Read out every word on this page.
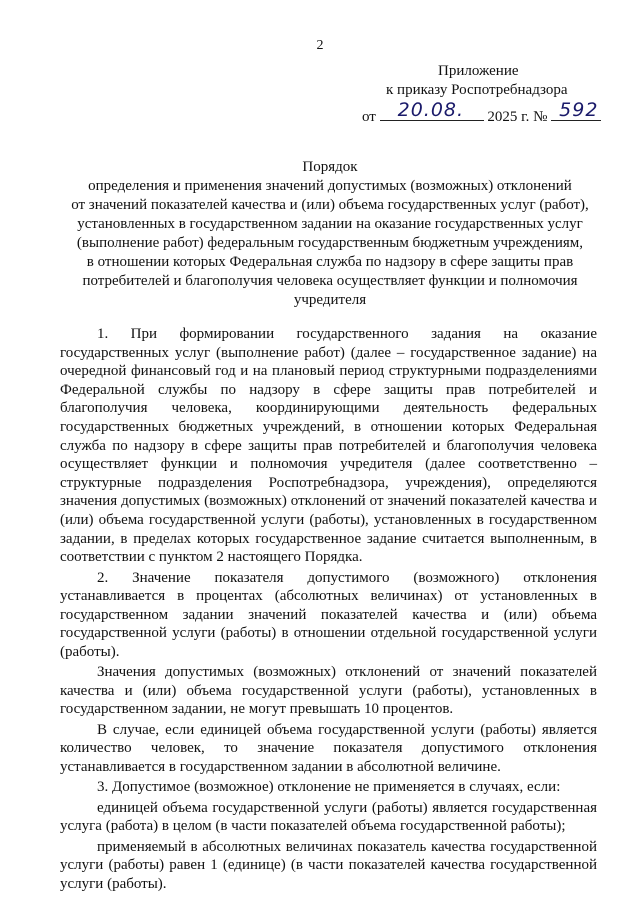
2
Приложение
к приказу Роспотребнадзора
от 20.08. 2025 г. № 592
Порядок
определения и применения значений допустимых (возможных) отклонений
от значений показателей качества и (или) объема государственных услуг (работ),
установленных в государственном задании на оказание государственных услуг
(выполнение работ) федеральным государственным бюджетным учреждениям,
в отношении которых Федеральная служба по надзору в сфере защиты прав
потребителей и благополучия человека осуществляет функции и полномочия
учредителя

1. При формировании государственного задания на оказание государственных услуг (выполнение работ) (далее – государственное задание) на очередной финансовый год и на плановый период структурными подразделениями Федеральной службы по надзору в сфере защиты прав потребителей и благополучия человека, координирующими деятельность федеральных государственных бюджетных учреждений, в отношении которых Федеральная служба по надзору в сфере защиты прав потребителей и благополучия человека осуществляет функции и полномочия учредителя (далее соответственно – структурные подразделения Роспотребнадзора, учреждения), определяются значения допустимых (возможных) отклонений от значений показателей качества и (или) объема государственной услуги (работы), установленных в государственном задании, в пределах которых государственное задание считается выполненным, в соответствии с пунктом 2 настоящего Порядка.

2. Значение показателя допустимого (возможного) отклонения устанавливается в процентах (абсолютных величинах) от установленных в государственном задании значений показателей качества и (или) объема государственной услуги (работы) в отношении отдельной государственной услуги (работы).

Значения допустимых (возможных) отклонений от значений показателей качества и (или) объема государственной услуги (работы), установленных в государственном задании, не могут превышать 10 процентов.

В случае, если единицей объема государственной услуги (работы) является количество человек, то значение показателя допустимого отклонения устанавливается в государственном задании в абсолютной величине.

3. Допустимое (возможное) отклонение не применяется в случаях, если:

единицей объема государственной услуги (работы) является государственная услуга (работа) в целом (в части показателей объема государственной работы);

применяемый в абсолютных величинах показатель качества государственной услуги (работы) равен 1 (единице) (в части показателей качества государственной услуги (работы).
